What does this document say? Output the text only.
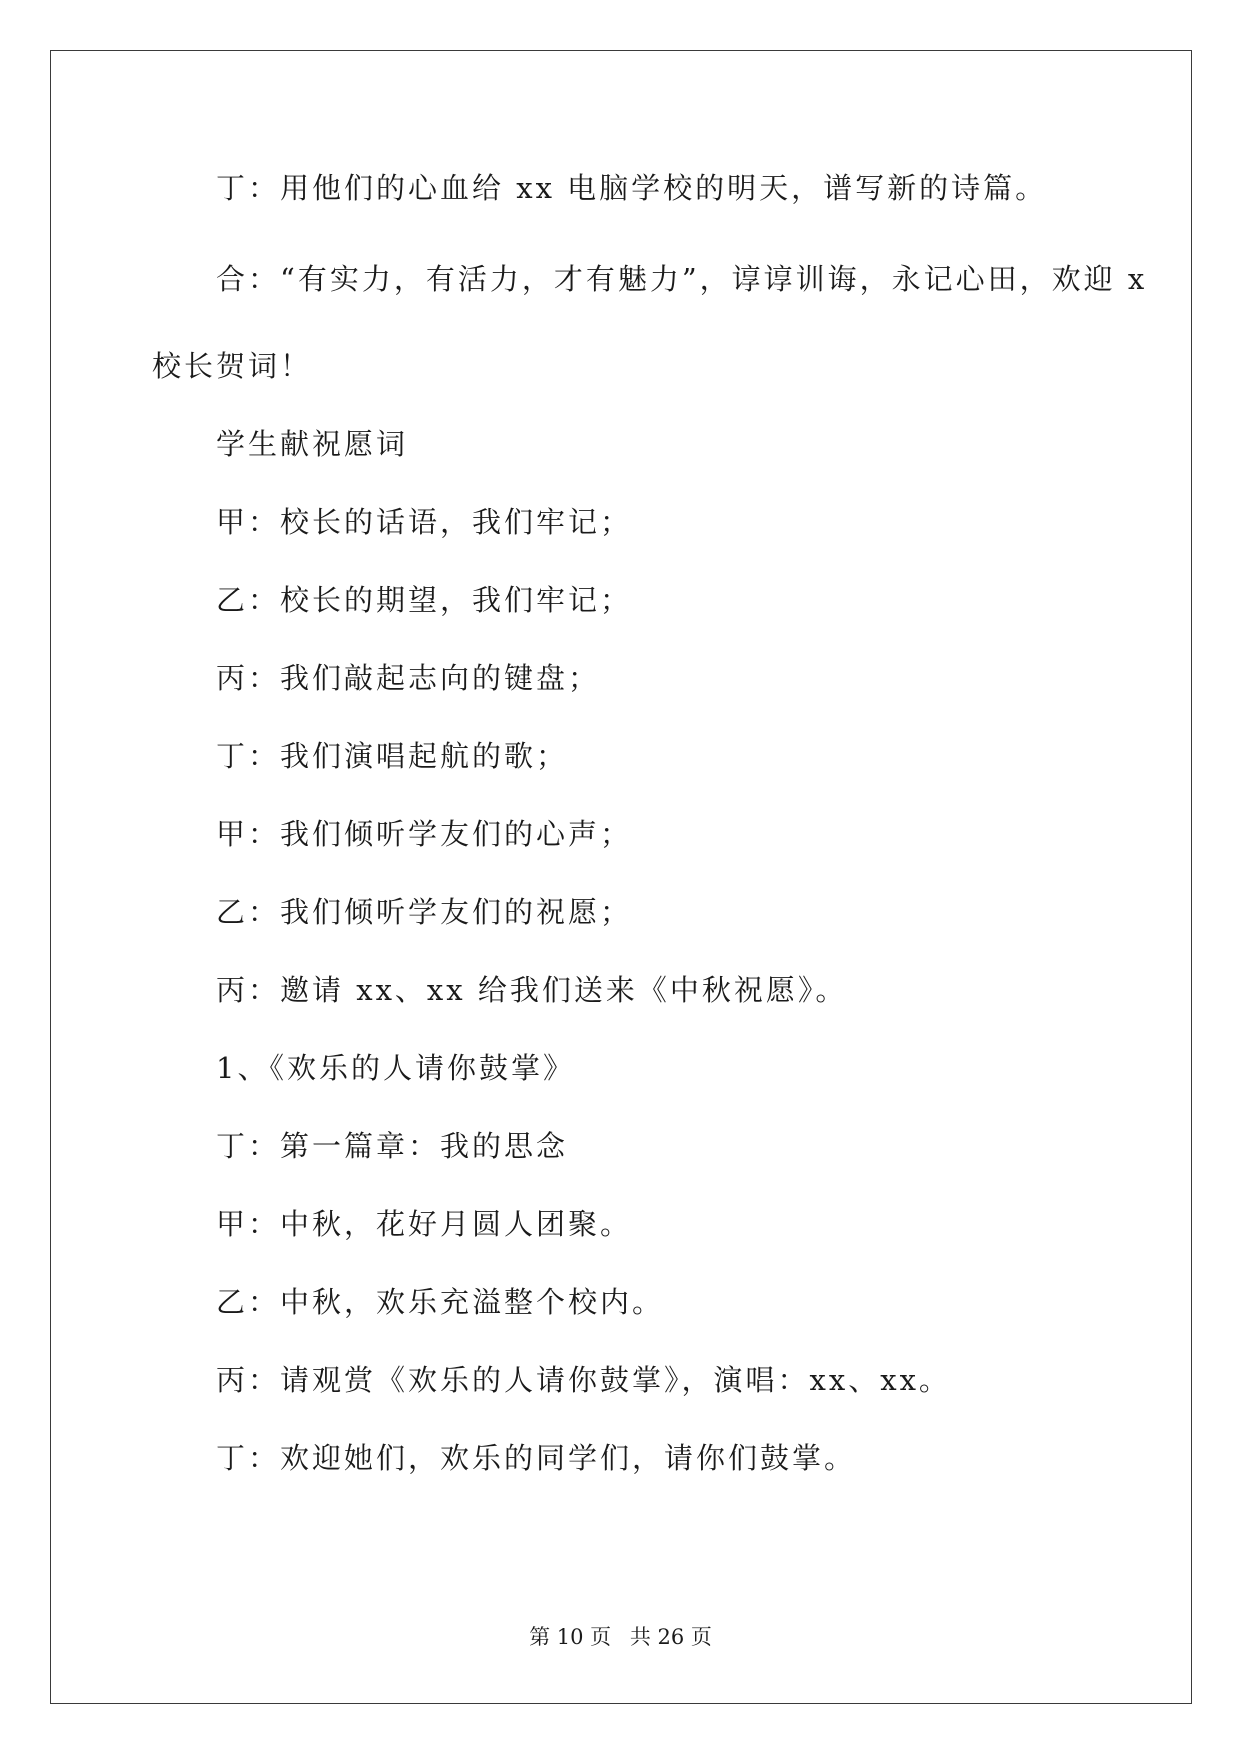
丁：用他们的心血给 xx 电脑学校的明天，谱写新的诗篇。

合：“有实力，有活力，才有魅力”，谆谆训诲，永记心田，欢迎 x

校长贺词！

学生献祝愿词

甲：校长的话语，我们牢记；

乙：校长的期望，我们牢记；

丙：我们敲起志向的键盘；

丁：我们演唱起航的歌；

甲：我们倾听学友们的心声；

乙：我们倾听学友们的祝愿；

丙：邀请 xx、xx 给我们送来《中秋祝愿》。

1、《欢乐的人请你鼓掌》

丁：第一篇章：我的思念

甲：中秋，花好月圆人团聚。

乙：中秋，欢乐充溢整个校内。

丙：请观赏《欢乐的人请你鼓掌》，演唱：xx、xx。

丁：欢迎她们，欢乐的同学们，请你们鼓掌。

第 10 页 共 26 页
